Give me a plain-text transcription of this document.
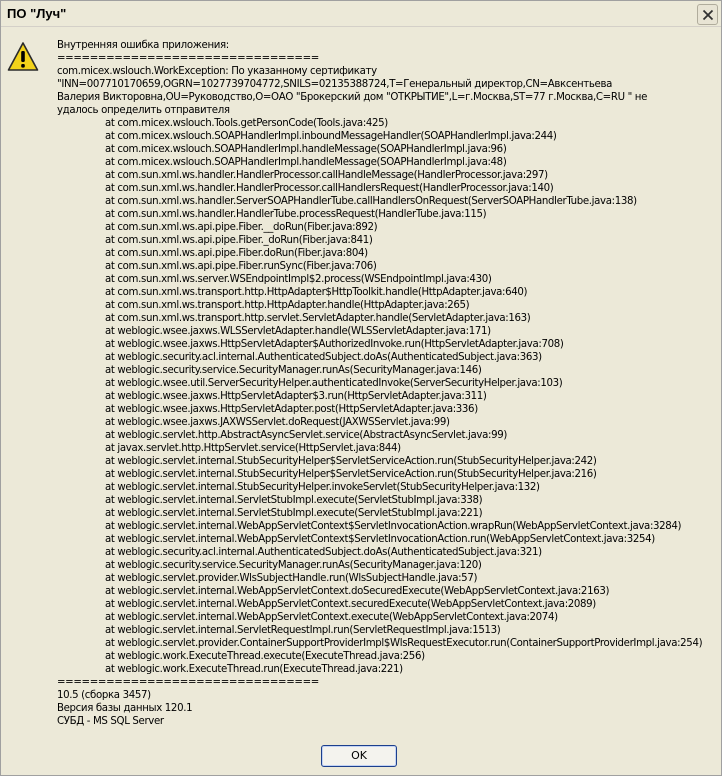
ПО "Луч"
Внутренняя ошибка приложения:
================================
com.micex.wslouch.WorkException: По указанному сертификату "INN=007710170659,OGRN=1027739704772,SNILS=02135388724,T=Генеральный директор,CN=Авксентьева Валерия Викторовна,OU=Руководство,O=ОАО "Брокерский дом "ОТКРЫТИЕ",L=г.Москва,ST=77 г.Москва,C=RU " не удалось определить отправителя
at com.micex.wslouch.Tools.getPersonCode(Tools.java:425)
at com.micex.wslouch.SOAPHandlerImpl.inboundMessageHandler(SOAPHandlerImpl.java:244)
at com.micex.wslouch.SOAPHandlerImpl.handleMessage(SOAPHandlerImpl.java:96)
at com.micex.wslouch.SOAPHandlerImpl.handleMessage(SOAPHandlerImpl.java:48)
at com.sun.xml.ws.handler.HandlerProcessor.callHandleMessage(HandlerProcessor.java:297)
at com.sun.xml.ws.handler.HandlerProcessor.callHandlersRequest(HandlerProcessor.java:140)
at com.sun.xml.ws.handler.ServerSOAPHandlerTube.callHandlersOnRequest(ServerSOAPHandlerTube.java:138)
at com.sun.xml.ws.handler.HandlerTube.processRequest(HandlerTube.java:115)
at com.sun.xml.ws.api.pipe.Fiber.__doRun(Fiber.java:892)
at com.sun.xml.ws.api.pipe.Fiber._doRun(Fiber.java:841)
at com.sun.xml.ws.api.pipe.Fiber.doRun(Fiber.java:804)
at com.sun.xml.ws.api.pipe.Fiber.runSync(Fiber.java:706)
at com.sun.xml.ws.server.WSEndpointImpl$2.process(WSEndpointImpl.java:430)
at com.sun.xml.ws.transport.http.HttpAdapter$HttpToolkit.handle(HttpAdapter.java:640)
at com.sun.xml.ws.transport.http.HttpAdapter.handle(HttpAdapter.java:265)
at com.sun.xml.ws.transport.http.servlet.ServletAdapter.handle(ServletAdapter.java:163)
at weblogic.wsee.jaxws.WLSServletAdapter.handle(WLSServletAdapter.java:171)
at weblogic.wsee.jaxws.HttpServletAdapter$AuthorizedInvoke.run(HttpServletAdapter.java:708)
at weblogic.security.acl.internal.AuthenticatedSubject.doAs(AuthenticatedSubject.java:363)
at weblogic.security.service.SecurityManager.runAs(SecurityManager.java:146)
at weblogic.wsee.util.ServerSecurityHelper.authenticatedInvoke(ServerSecurityHelper.java:103)
at weblogic.wsee.jaxws.HttpServletAdapter$3.run(HttpServletAdapter.java:311)
at weblogic.wsee.jaxws.HttpServletAdapter.post(HttpServletAdapter.java:336)
at weblogic.wsee.jaxws.JAXWSServlet.doRequest(JAXWSServlet.java:99)
at weblogic.servlet.http.AbstractAsyncServlet.service(AbstractAsyncServlet.java:99)
at javax.servlet.http.HttpServlet.service(HttpServlet.java:844)
at weblogic.servlet.internal.StubSecurityHelper$ServletServiceAction.run(StubSecurityHelper.java:242)
at weblogic.servlet.internal.StubSecurityHelper$ServletServiceAction.run(StubSecurityHelper.java:216)
at weblogic.servlet.internal.StubSecurityHelper.invokeServlet(StubSecurityHelper.java:132)
at weblogic.servlet.internal.ServletStubImpl.execute(ServletStubImpl.java:338)
at weblogic.servlet.internal.ServletStubImpl.execute(ServletStubImpl.java:221)
at weblogic.servlet.internal.WebAppServletContext$ServletInvocationAction.wrapRun(WebAppServletContext.java:3284)
at weblogic.servlet.internal.WebAppServletContext$ServletInvocationAction.run(WebAppServletContext.java:3254)
at weblogic.security.acl.internal.AuthenticatedSubject.doAs(AuthenticatedSubject.java:321)
at weblogic.security.service.SecurityManager.runAs(SecurityManager.java:120)
at weblogic.servlet.provider.WlsSubjectHandle.run(WlsSubjectHandle.java:57)
at weblogic.servlet.internal.WebAppServletContext.doSecuredExecute(WebAppServletContext.java:2163)
at weblogic.servlet.internal.WebAppServletContext.securedExecute(WebAppServletContext.java:2089)
at weblogic.servlet.internal.WebAppServletContext.execute(WebAppServletContext.java:2074)
at weblogic.servlet.internal.ServletRequestImpl.run(ServletRequestImpl.java:1513)
at weblogic.servlet.provider.ContainerSupportProviderImpl$WlsRequestExecutor.run(ContainerSupportProviderImpl.java:254)
at weblogic.work.ExecuteThread.execute(ExecuteThread.java:256)
at weblogic.work.ExecuteThread.run(ExecuteThread.java:221)
================================
10.5 (сборка 3457)
Версия базы данных 120.1
СУБД - MS SQL Server
OK
